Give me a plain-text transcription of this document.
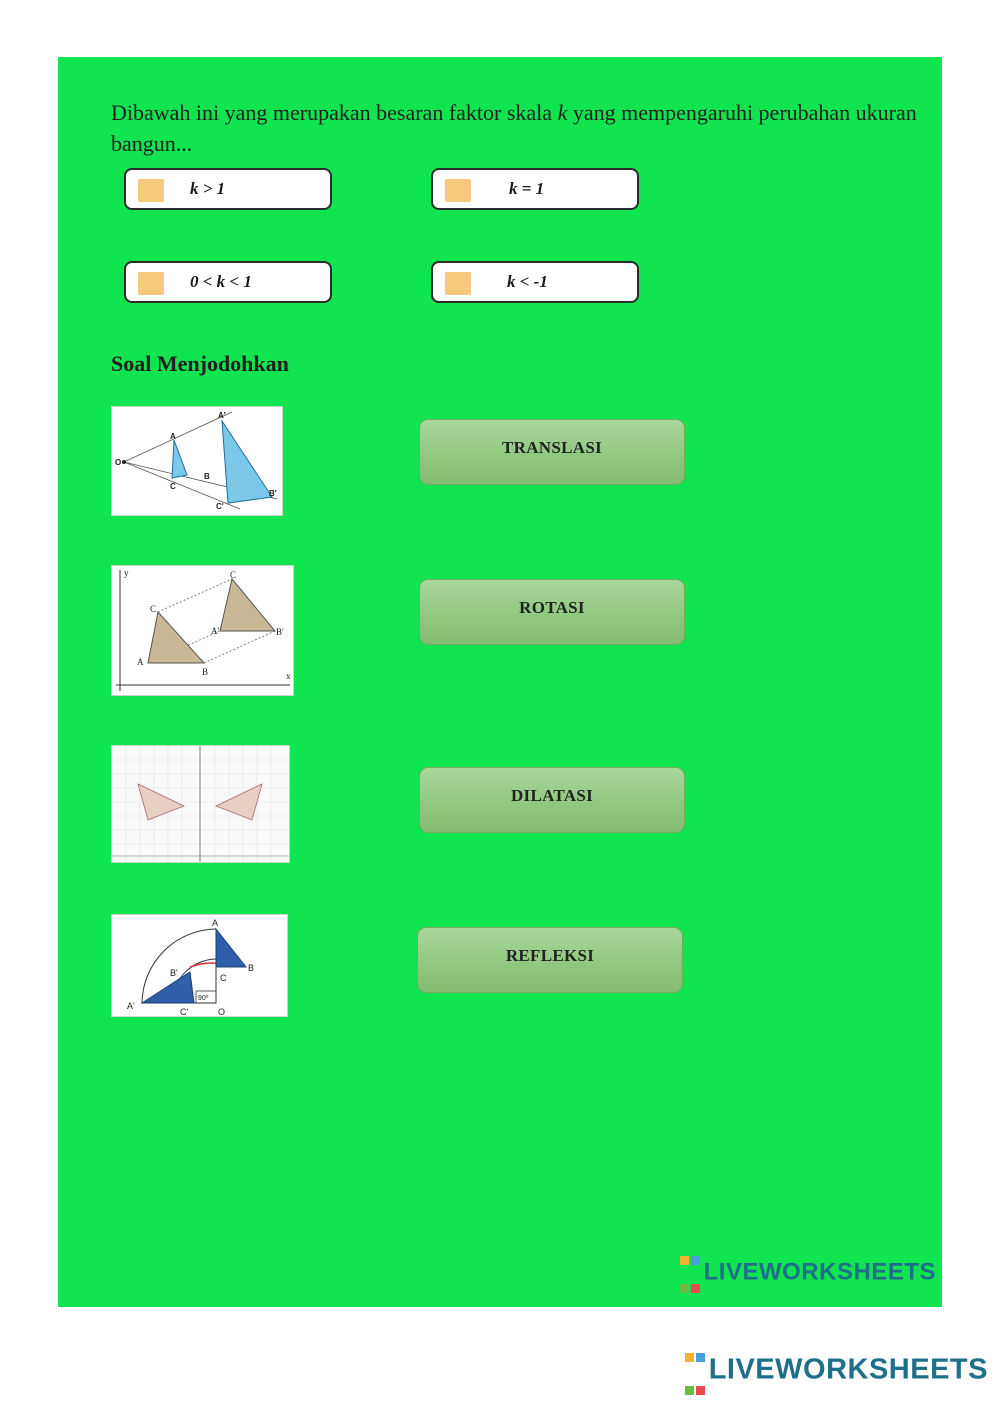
Dibawah ini yang merupakan besaran faktor skala k yang mempengaruhi perubahan ukuran bangun...
k > 1	k = 1
0 < k < 1	k < -1
Soal Menjodohkan
A'
A
O
B
C
B'
C'
y
C
C
A'	B'
A
B	x
A
B'	B
C
A'
90º
C'	O
TRANSLASI
ROTASI
DILATASI
REFLEKSI

LIVEWORKSHEETS

LIVEWORKSHEETS
